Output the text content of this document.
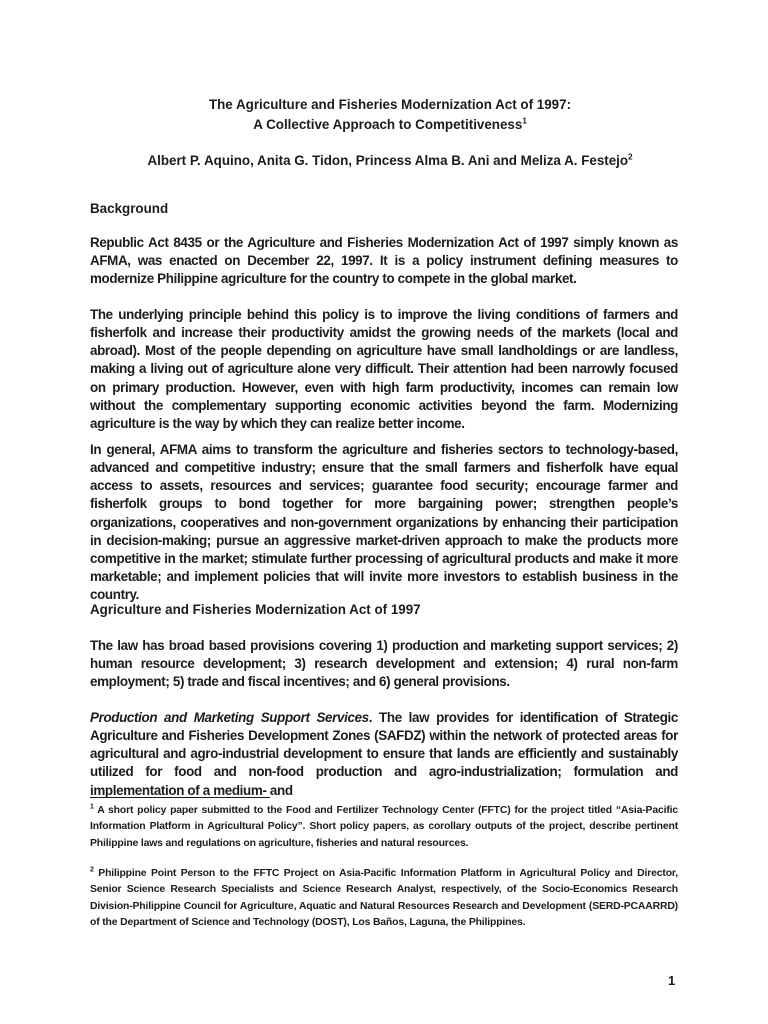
The Agriculture and Fisheries Modernization Act of 1997:
A Collective Approach to Competitiveness$^1$
Albert P. Aquino, Anita G. Tidon, Princess Alma B. Ani and Meliza A. Festejo$^2$
Background
Republic Act 8435 or the Agriculture and Fisheries Modernization Act of 1997 simply known as AFMA, was enacted on December 22, 1997. It is a policy instrument defining measures to modernize Philippine agriculture for the country to compete in the global market.
The underlying principle behind this policy is to improve the living conditions of farmers and fisherfolk and increase their productivity amidst the growing needs of the markets (local and abroad). Most of the people depending on agriculture have small landholdings or are landless, making a living out of agriculture alone very difficult. Their attention had been narrowly focused on primary production. However, even with high farm productivity, incomes can remain low without the complementary supporting economic activities beyond the farm. Modernizing agriculture is the way by which they can realize better income.
In general, AFMA aims to transform the agriculture and fisheries sectors to technology-based, advanced and competitive industry; ensure that the small farmers and fisherfolk have equal access to assets, resources and services; guarantee food security; encourage farmer and fisherfolk groups to bond together for more bargaining power; strengthen people’s organizations, cooperatives and non-government organizations by enhancing their participation in decision-making; pursue an aggressive market-driven approach to make the products more competitive in the market; stimulate further processing of agricultural products and make it more marketable; and implement policies that will invite more investors to establish business in the country.
Agriculture and Fisheries Modernization Act of 1997
The law has broad based provisions covering 1) production and marketing support services; 2) human resource development; 3) research development and extension; 4) rural non-farm employment; 5) trade and fiscal incentives; and 6) general provisions.
Production and Marketing Support Services. The law provides for identification of Strategic Agriculture and Fisheries Development Zones (SAFDZ) within the network of protected areas for agricultural and agro-industrial development to ensure that lands are efficiently and sustainably utilized for food and non-food production and agro-industrialization; formulation and implementation of a medium- and
$^1$ A short policy paper submitted to the Food and Fertilizer Technology Center (FFTC) for the project titled “Asia-Pacific Information Platform in Agricultural Policy”. Short policy papers, as corollary outputs of the project, describe pertinent Philippine laws and regulations on agriculture, fisheries and natural resources.
$^2$ Philippine Point Person to the FFTC Project on Asia-Pacific Information Platform in Agricultural Policy and Director, Senior Science Research Specialists and Science Research Analyst, respectively, of the Socio-Economics Research Division-Philippine Council for Agriculture, Aquatic and Natural Resources Research and Development (SERD-PCAARRD) of the Department of Science and Technology (DOST), Los Baños, Laguna, the Philippines.
1
